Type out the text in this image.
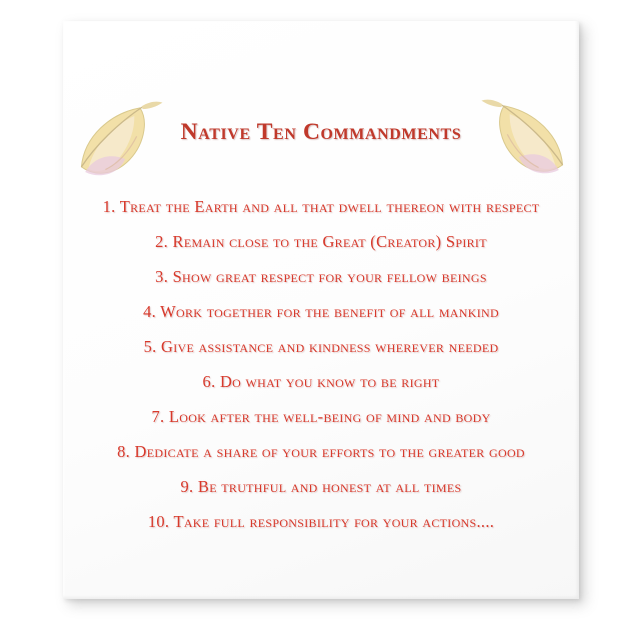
Native Ten Commandments
1. Treat the Earth and all that dwell thereon with respect
2. Remain close to the Great (Creator) Spirit
3. Show great respect for your fellow beings
4. Work together for the benefit of all mankind
5. Give assistance and kindness wherever needed
6. Do what you know to be right
7. Look after the well-being of mind and body
8. Dedicate a share of your efforts to the greater good
9. Be truthful and honest at all times
10. Take full responsibility for your actions....
